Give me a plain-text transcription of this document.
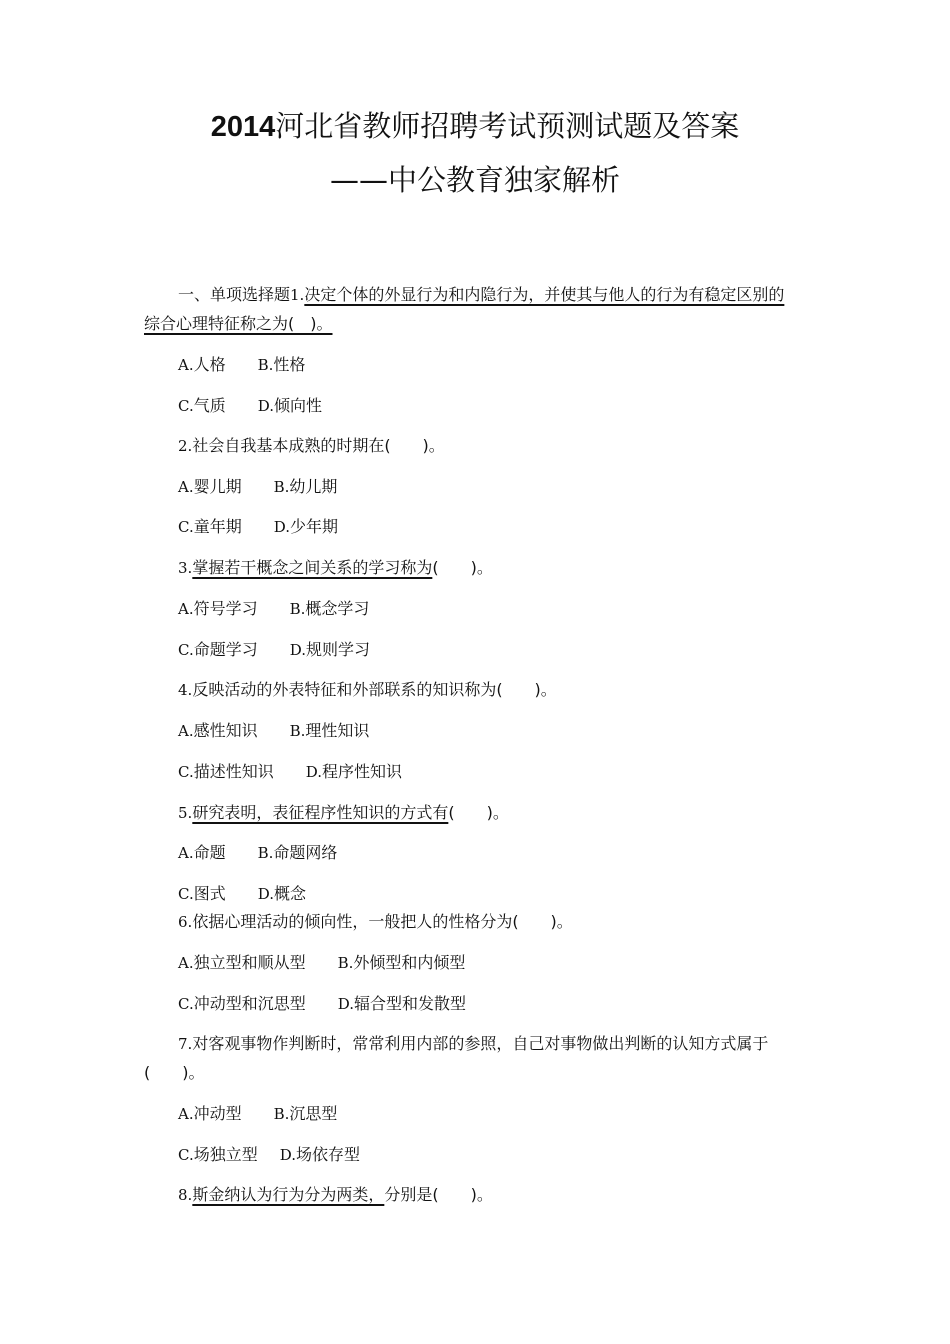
2014河北省教师招聘考试预测试题及答案
——中公教育独家解析
一、单项选择题1.决定个体的外显行为和内隐行为，并使其与他人的行为有稳定区别的
综合心理特征称之为(　)。
A.人格 B.性格
C.气质 D.倾向性
2.社会自我基本成熟的时期在(　　)。
A.婴儿期 B.幼儿期
C.童年期 D.少年期
3.掌握若干概念之间关系的学习称为(　　)。
A.符号学习 B.概念学习
C.命题学习 D.规则学习
4.反映活动的外表特征和外部联系的知识称为(　　)。
A.感性知识 B.理性知识
C.描述性知识 D.程序性知识
5.研究表明，表征程序性知识的方式有(　　)。
A.命题 B.命题网络
C.图式 D.概念
6.依据心理活动的倾向性，一般把人的性格分为(　　)。
A.独立型和顺从型 B.外倾型和内倾型
C.冲动型和沉思型 D.辐合型和发散型
7.对客观事物作判断时，常常利用内部的参照，自己对事物做出判断的认知方式属于
(　　)。
A.冲动型 B.沉思型
C.场独立型 D.场依存型
8.斯金纳认为行为分为两类，分别是(　　)。
